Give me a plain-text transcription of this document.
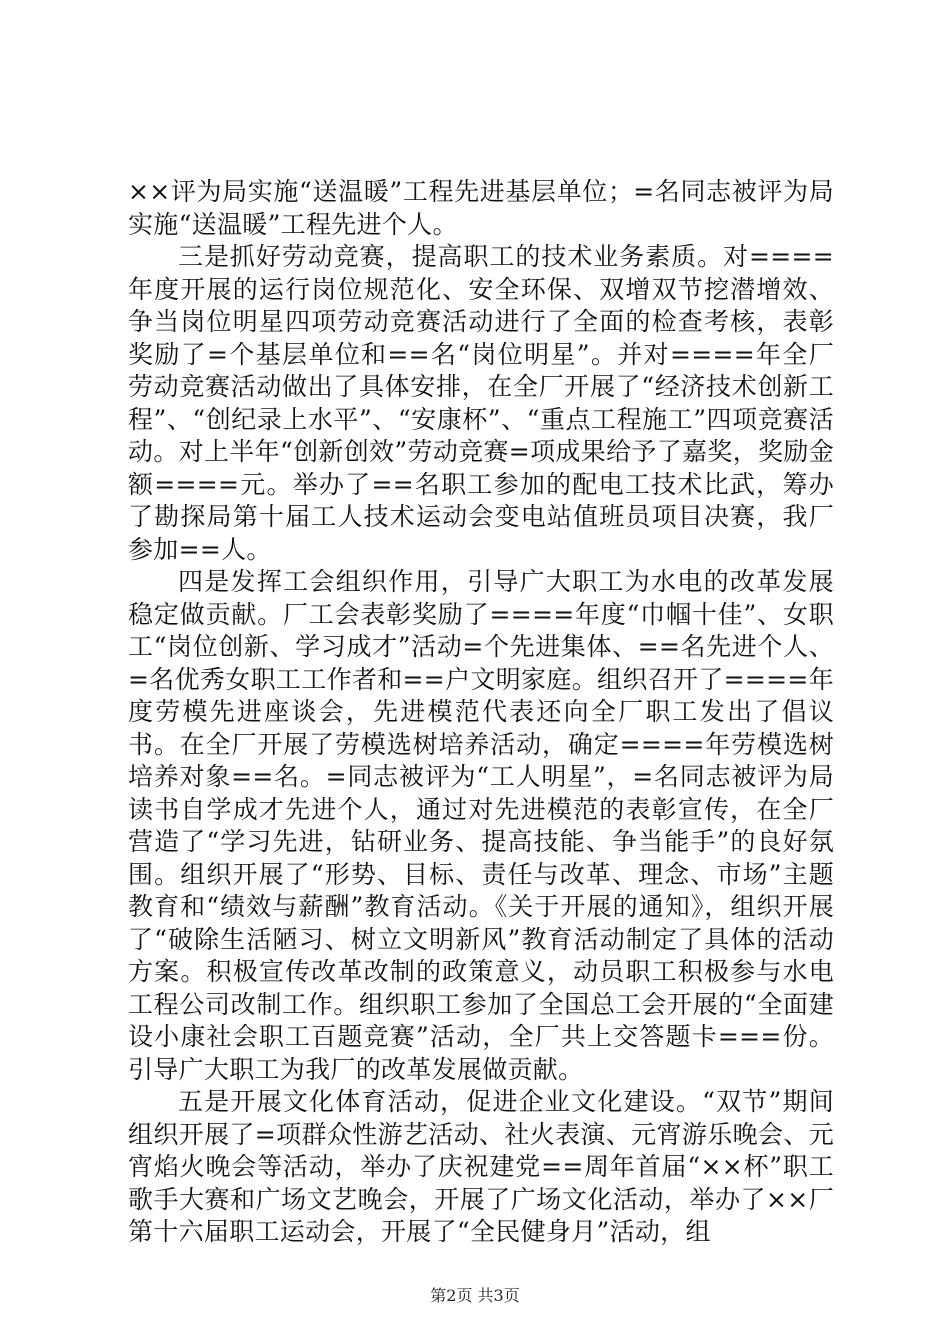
××评为局实施“送温暖”工程先进基层单位；=名同志被评为局实施“送温暖”工程先进个人。

三是抓好劳动竞赛，提高职工的技术业务素质。对====年度开展的运行岗位规范化、安全环保、双增双节挖潜增效、争当岗位明星四项劳动竞赛活动进行了全面的检查考核，表彰奖励了=个基层单位和==名“岗位明星”。并对====年全厂劳动竞赛活动做出了具体安排，在全厂开展了“经济技术创新工程”、“创纪录上水平”、“安康杯”、“重点工程施工”四项竞赛活动。对上半年“创新创效”劳动竞赛=项成果给予了嘉奖，奖励金额====元。举办了==名职工参加的配电工技术比武，筹办了勘探局第十届工人技术运动会变电站值班员项目决赛，我厂参加==人。

四是发挥工会组织作用，引导广大职工为水电的改革发展稳定做贡献。厂工会表彰奖励了====年度“巾帼十佳”、女职工“岗位创新、学习成才”活动=个先进集体、==名先进个人、=名优秀女职工工作者和==户文明家庭。组织召开了====年度劳模先进座谈会，先进模范代表还向全厂职工发出了倡议书。在全厂开展了劳模选树培养活动，确定====年劳模选树培养对象==名。=同志被评为“工人明星”，=名同志被评为局读书自学成才先进个人，通过对先进模范的表彰宣传，在全厂营造了“学习先进，钻研业务、提高技能、争当能手”的良好氛围。组织开展了“形势、目标、责任与改革、理念、市场”主题教育和“绩效与薪酬”教育活动。《关于开展的通知》，组织开展了“破除生活陋习、树立文明新风”教育活动制定了具体的活动方案。积极宣传改革改制的政策意义，动员职工积极参与水电工程公司改制工作。组织职工参加了全国总工会开展的“全面建设小康社会职工百题竞赛”活动，全厂共上交答题卡===份。引导广大职工为我厂的改革发展做贡献。

五是开展文化体育活动，促进企业文化建设。“双节”期间组织开展了=项群众性游艺活动、社火表演、元宵游乐晚会、元宵焰火晚会等活动，举办了庆祝建党==周年首届“××杯”职工歌手大赛和广场文艺晚会，开展了广场文化活动，举办了××厂第十六届职工运动会，开展了“全民健身月”活动，组

第2页 共3页
